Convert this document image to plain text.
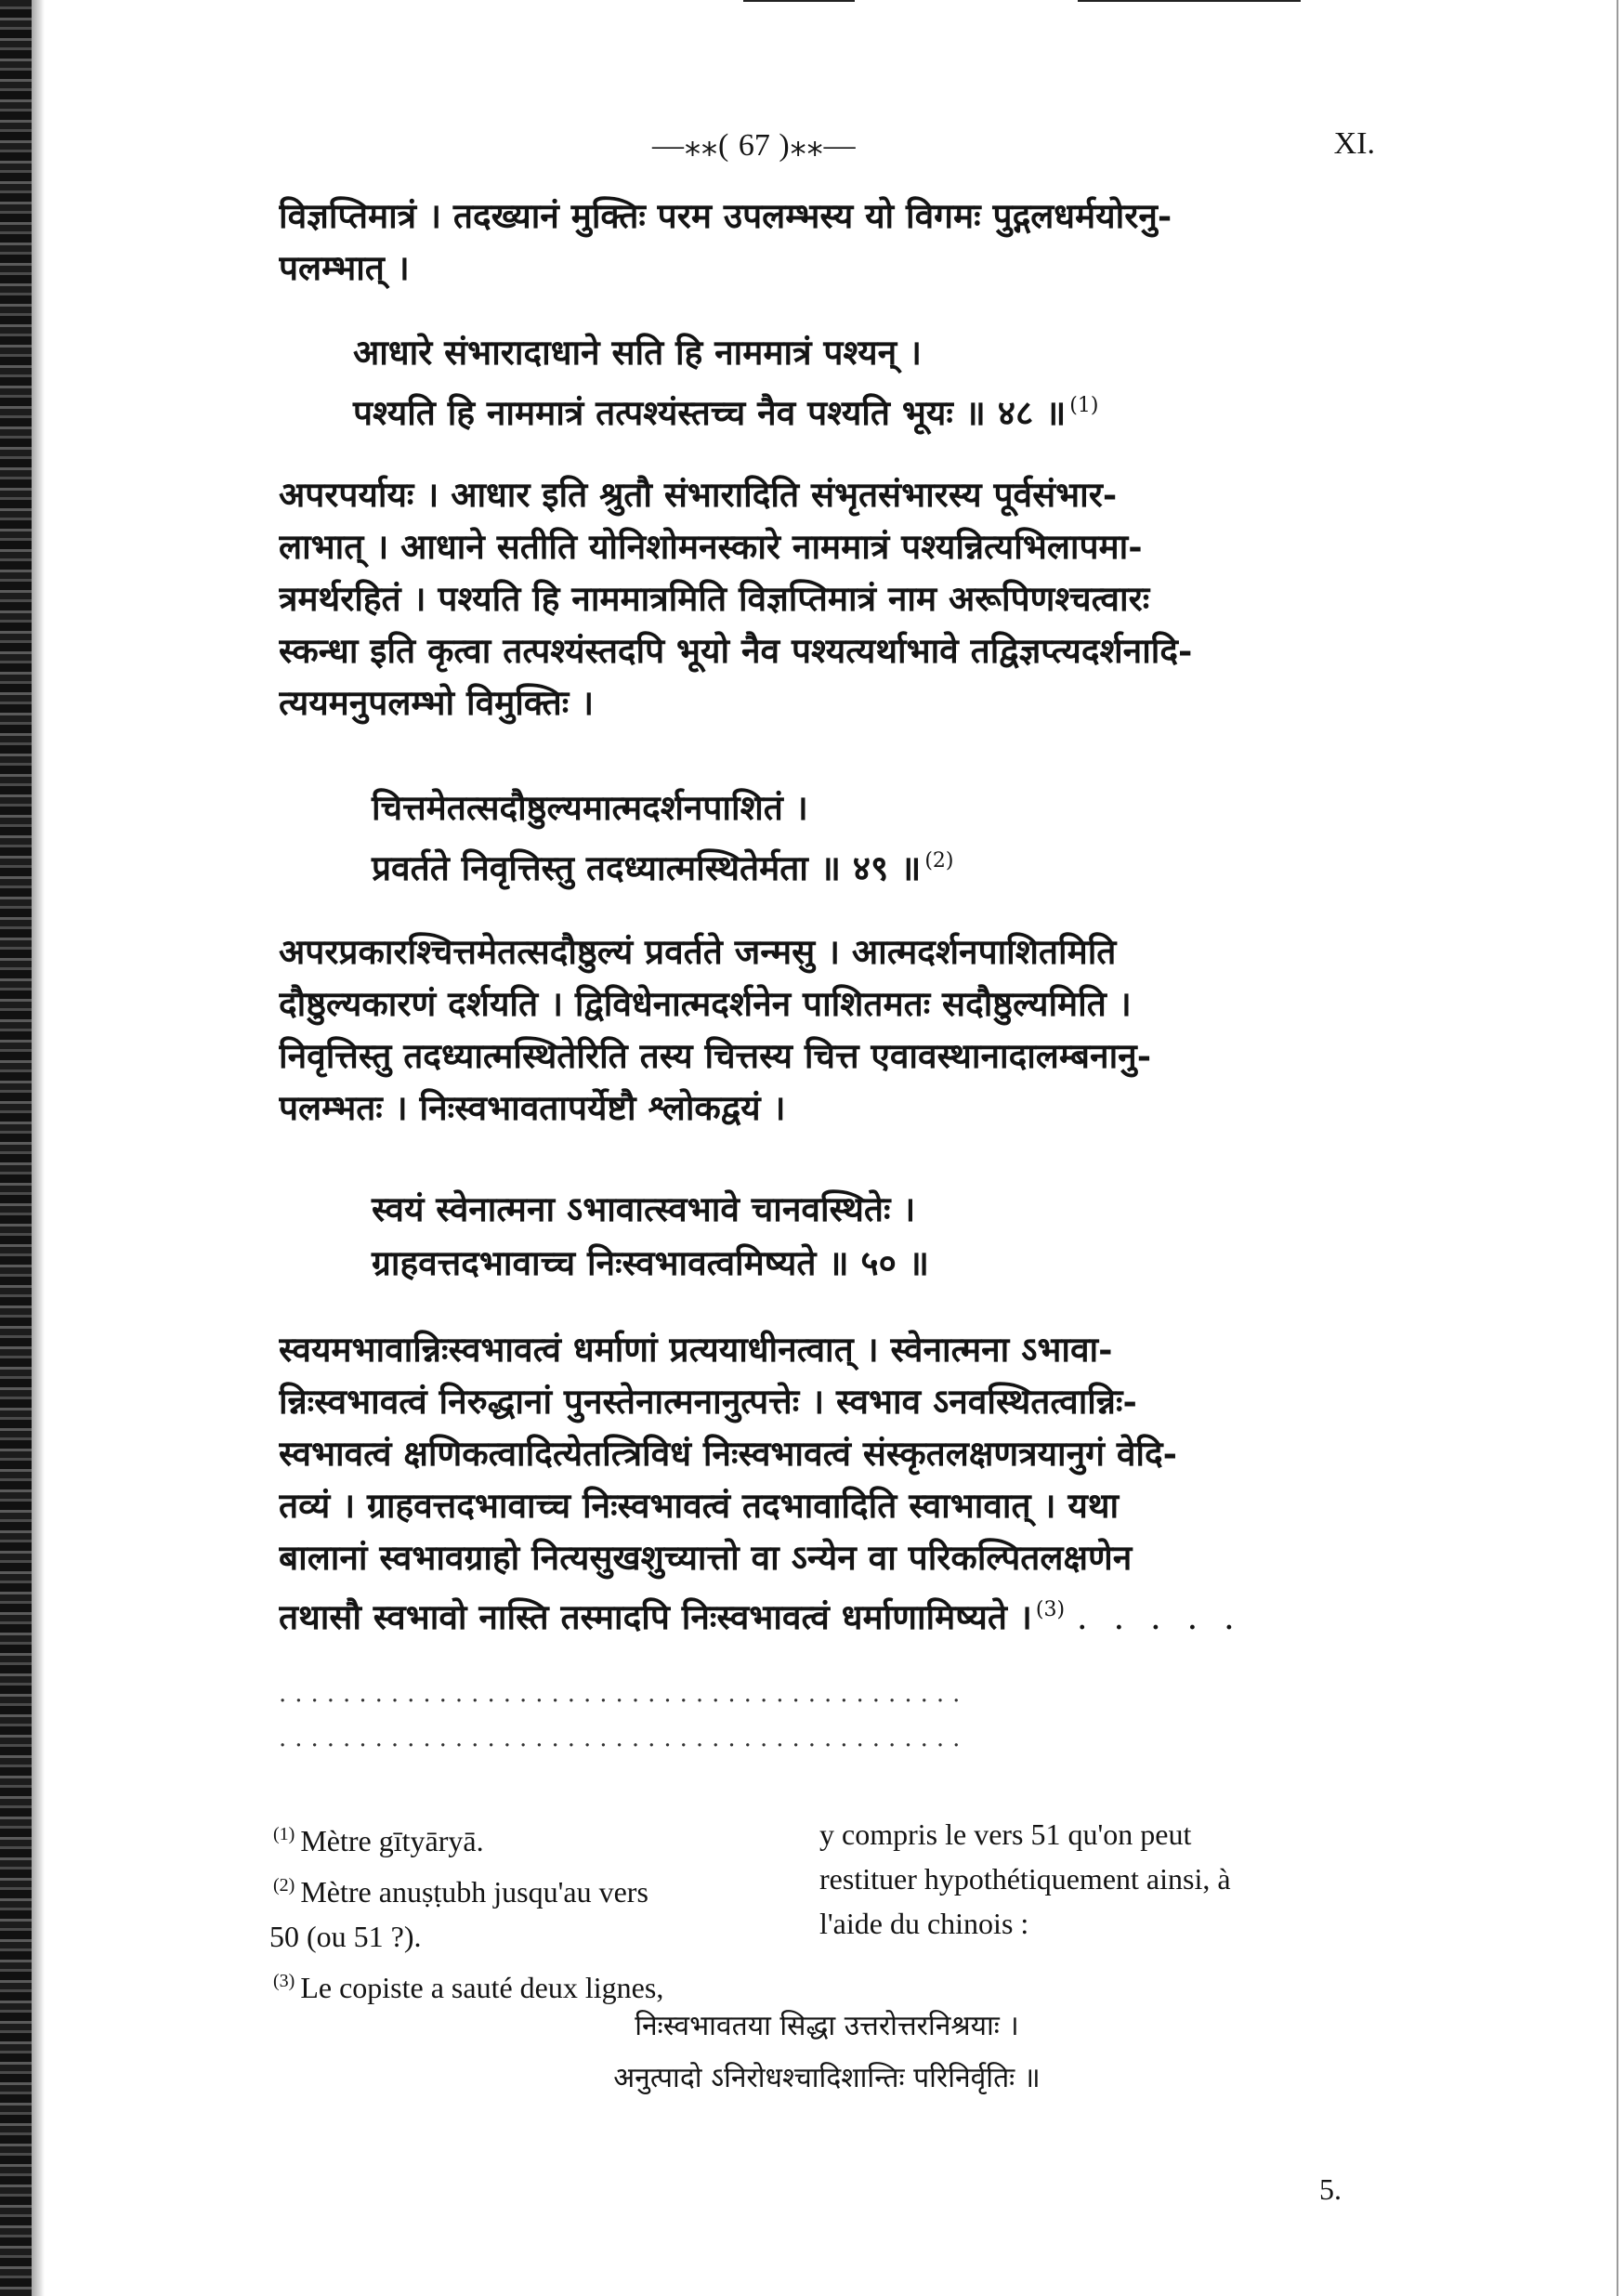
—⁎⁎( 67 )⁎⁎—	XI.
विज्ञप्तिमात्रं । तदख्यानं मुक्तिः परम उपलम्भस्य यो विगमः पुद्गलधर्मयोरनु-
पलम्भात् ।
आधारे संभारादाधाने सति हि नाममात्रं पश्यन् ।
पश्यति हि नाममात्रं तत्पश्यंस्तच्च नैव पश्यति भूयः ॥ ४८ ॥ $^{(1)}$
अपरपर्यायः । आधार इति श्रुतौ संभारादिति संभृतसंभारस्य पूर्वसंभार-
लाभात् । आधाने सतीति योनिशोमनस्कारे नाममात्रं पश्यन्नित्यभिलापमा-
त्रमर्थरहितं । पश्यति हि नाममात्रमिति विज्ञप्तिमात्रं नाम अरूपिणश्चत्वारः
स्कन्धा इति कृत्वा तत्पश्यंस्तदपि भूयो नैव पश्यत्यर्थाभावे तद्विज्ञप्त्यदर्शनादि-
त्ययमनुपलम्भो विमुक्तिः ।
चित्तमेतत्सदौष्ठुल्यमात्मदर्शनपाशितं ।
प्रवर्तते निवृत्तिस्तु तदध्यात्मस्थितेर्मता ॥ ४९ ॥ $^{(2)}$
अपरप्रकारश्चित्तमेतत्सदौष्ठुल्यं प्रवर्तते जन्मसु । आत्मदर्शनपाशितमिति
दौष्ठुल्यकारणं दर्शयति । द्विविधेनात्मदर्शनेन पाशितमतः सदौष्ठुल्यमिति ।
निवृत्तिस्तु तदध्यात्मस्थितेरिति तस्य चित्तस्य चित्त एवावस्थानादालम्बनानु-
पलम्भतः । निःस्वभावतापर्येष्टौ श्लोकद्वयं ।
स्वयं स्वेनात्मना ऽभावात्स्वभावे चानवस्थितेः ।
ग्राहवत्तदभावाच्च निःस्वभावत्वमिष्यते ॥ ५० ॥
स्वयमभावान्निःस्वभावत्वं धर्माणां प्रत्ययाधीनत्वात् । स्वेनात्मना ऽभावा-
न्निःस्वभावत्वं निरुद्धानां पुनस्तेनात्मनानुत्पत्तेः । स्वभाव ऽनवस्थितत्वान्निः-
स्वभावत्वं क्षणिकत्वादित्येतत्त्रिविधं निःस्वभावत्वं संस्कृतलक्षणत्रयानुगं वेदि-
तव्यं । ग्राहवत्तदभावाच्च निःस्वभावत्वं तदभावादिति स्वाभावात् । यथा
बालानां स्वभावग्राहो नित्यसुखशुच्यात्तो वा ऽन्येन वा परिकल्पितलक्षणेन
तथासौ स्वभावो नास्ति तस्मादपि निःस्वभावत्वं धर्माणामिष्यते । $^{(3)}$ . . . . .
...........................................
...........................................
$^{(1)}$ Mètre gītyāryā.
$^{(2)}$ Mètre anuṣṭubh jusqu'au vers
50 (ou 51 ?).
$^{(3)}$ Le copiste a sauté deux lignes,
y compris le vers 51 qu'on peut
restituer hypothétiquement ainsi, à
l'aide du chinois :
निःस्वभावतया सिद्धा उत्तरोत्तरनिश्रयाः ।
अनुत्पादो ऽनिरोधश्चादिशान्तिः परिनिर्वृतिः ॥
5.
